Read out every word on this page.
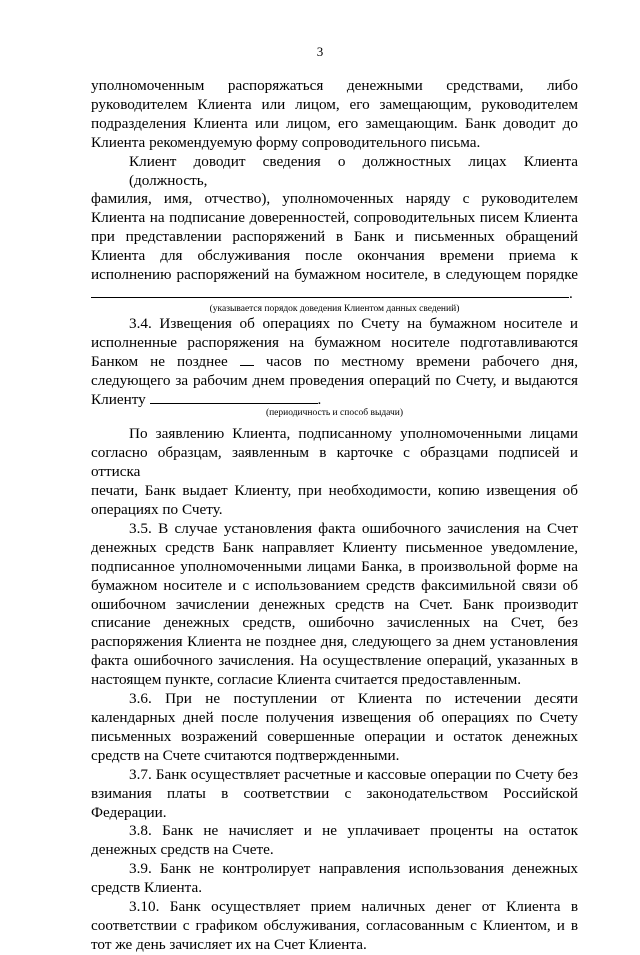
3
уполномоченным распоряжаться денежными средствами, либо
руководителем Клиента или лицом, его замещающим, руководителем
подразделения Клиента или лицом, его замещающим. Банк доводит до
Клиента рекомендуемую форму сопроводительного письма.
Клиент доводит сведения о должностных лицах Клиента (должность,
фамилия, имя, отчество), уполномоченных наряду с руководителем
Клиента на подписание доверенностей, сопроводительных писем Клиента
при представлении распоряжений в Банк и письменных обращений
Клиента для обслуживания после окончания времени приема к
исполнению распоряжений на бумажном носителе, в следующем порядке
.

(указывается порядок доведения Клиентом данных сведений)

3.4. Извещения об операциях по Счету на бумажном носителе и
исполненные распоряжения на бумажном носителе подготавливаются
Банком не позднее	часов по местному времени рабочего дня,
следующего за рабочим днем проведения операций по Счету, и выдаются
Клиенту	.

(периодичность и способ выдачи)

По заявлению Клиента, подписанному уполномоченными лицами
согласно образцам, заявленным в карточке с образцами подписей и оттиска
печати, Банк выдает Клиенту, при необходимости, копию извещения об
операциях по Счету.
3.5. В случае установления факта ошибочного зачисления на Счет
денежных средств Банк направляет Клиенту письменное уведомление,
подписанное уполномоченными лицами Банка, в произвольной форме на
бумажном носителе и с использованием средств факсимильной связи об
ошибочном зачислении денежных средств на Счет. Банк производит
списание денежных средств, ошибочно зачисленных на Счет, без
распоряжения Клиента не позднее дня, следующего за днем установления
факта ошибочного зачисления. На осуществление операций, указанных в
настоящем пункте, согласие Клиента считается предоставленным.
3.6. При не поступлении от Клиента по истечении десяти
календарных дней после получения извещения об операциях по Счету
письменных возражений совершенные операции и остаток денежных
средств на Счете считаются подтвержденными.
3.7. Банк осуществляет расчетные и кассовые операции по Счету без
взимания платы в соответствии с законодательством Российской
Федерации.
3.8. Банк не начисляет и не уплачивает проценты на остаток
денежных средств на Счете.
3.9. Банк не контролирует направления использования денежных
средств Клиента.
3.10. Банк осуществляет прием наличных денег от Клиента в
соответствии с графиком обслуживания, согласованным с Клиентом, и в
тот же день зачисляет их на Счет Клиента.
